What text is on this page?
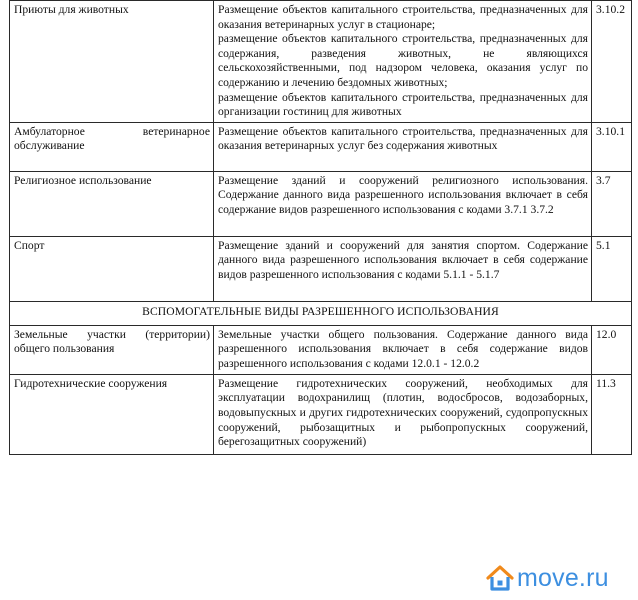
Приюты для животных	Размещение объектов капитального строительства, предназначенных для оказания ветеринарных услуг в стационаре;
размещение объектов капитального строительства, предназначенных для содержания, разведения животных, не являющихся сельскохозяйственными, под надзором человека, оказания услуг по содержанию и лечению бездомных животных;
размещение объектов капитального строительства, предназначенных для организации гостиниц для животных	3.10.2

Амбулаторное ветеринарное обслуживание	Размещение объектов капитального строительства, предназначенных для оказания ветеринарных услуг без содержания животных	3.10.1

Религиозное использование	Размещение зданий и сооружений религиозного использования. Содержание данного вида разрешенного использования включает в себя содержание видов разрешенного использования с кодами 3.7.1 3.7.2	3.7

Спорт	Размещение зданий и сооружений для занятия спортом. Содержание данного вида разрешенного использования включает в себя содержание видов разрешенного использования с кодами 5.1.1 - 5.1.7	5.1
ВСПОМОГАТЕЛЬНЫЕ ВИДЫ РАЗРЕШЕННОГО ИСПОЛЬЗОВАНИЯ		

Земельные участки (территории) общего пользования	Земельные участки общего пользования. Содержание данного вида разрешенного использования включает в себя содержание видов разрешенного использования с кодами 12.0.1 - 12.0.2	12.0

Гидротехнические сооружения	Размещение гидротехнических сооружений, необходимых для эксплуатации водохранилищ (плотин, водосбросов, водозаборных, водовыпускных и других гидротехнических сооружений, судопропускных сооружений, рыбозащитных и рыбопропускных сооружений, берегозащитных сооружений)	11.3
move.ru
